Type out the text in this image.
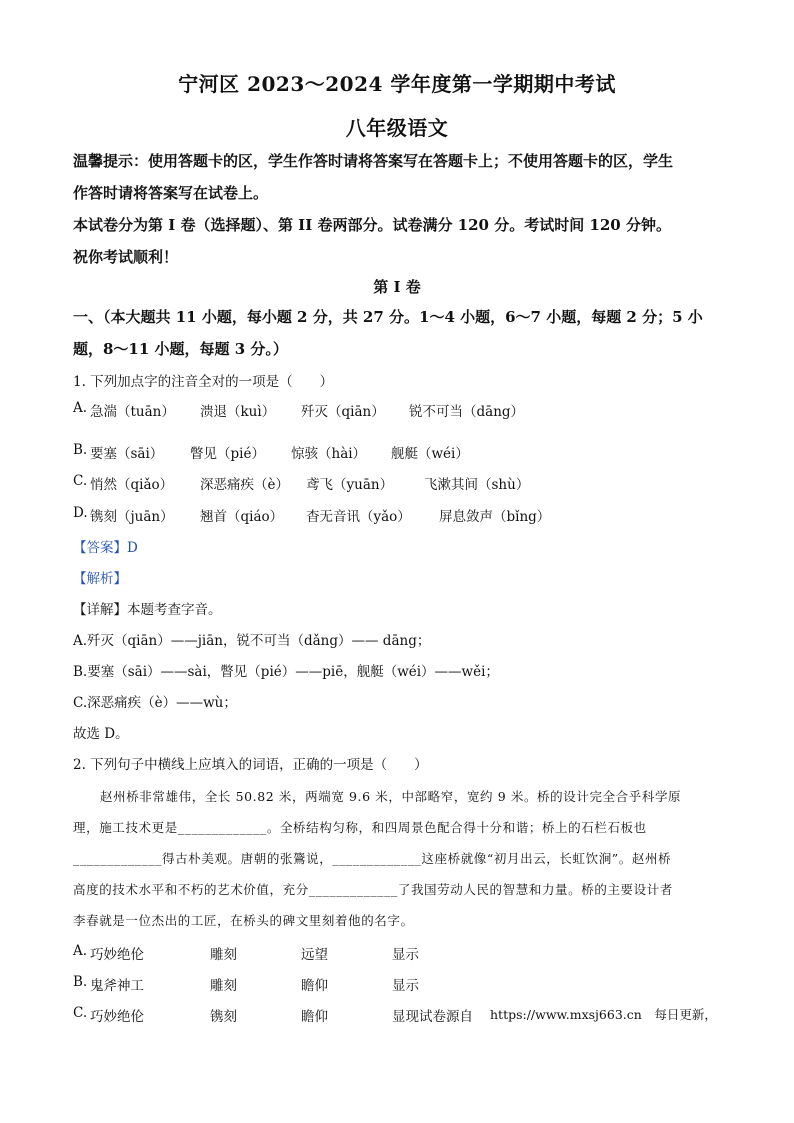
宁河区 2023～2024 学年度第一学期期中考试
八年级语文
温馨提示：使用答题卡的区，学生作答时请将答案写在答题卡上；不使用答题卡的区，学生
作答时请将答案写在试卷上。
本试卷分为第 I 卷（选择题）、第 II 卷两部分。试卷满分 120 分。考试时间 120 分钟。
祝你考试顺利！
第 I 卷
一、（本大题共 11 小题，每小题 2 分，共 27 分。1～4 小题，6～7 小题，每题 2 分；5 小
题，8～11 小题，每题 3 分。）
1. 下列加点字的注音全对的一项是（　　）
A. 急湍（tuān） 溃退（kuì） 歼灭（qiān） 锐不可当（dāng）
B. 要塞（sāi） 瞥见（pié） 惊骇（hài） 舰艇（wéi）
C. 悄然（qiǎo） 深恶痛疾（è） 鸢飞（yuān） 飞漱其间（shù）
D. 镌刻（juān） 翘首（qiáo） 杳无音讯（yǎo） 屏息敛声（bǐng）
【答案】D
【解析】
【详解】本题考查字音。
A.歼灭（qiān）——jiān，锐不可当（dǎng）—— dāng；
B.要塞（sāi）——sài，瞥见（pié）——piē，舰艇（wéi）——wěi；
C.深恶痛疾（è）——wù；
故选 D。
2. 下列句子中横线上应填入的词语，正确的一项是（　　）
赵州桥非常雄伟，全长 50.82 米，两端宽 9.6 米，中部略窄，宽约 9 米。桥的设计完全合乎科学原
理，施工技术更是_____________。全桥结构匀称，和四周景色配合得十分和谐；桥上的石栏石板也
_____________得古朴美观。唐朝的张鷟说，_____________这座桥就像“初月出云，长虹饮涧”。赵州桥
高度的技术水平和不朽的艺术价值，充分_____________了我国劳动人民的智慧和力量。桥的主要设计者
李春就是一位杰出的工匠，在桥头的碑文里刻着他的名字。
A. 巧妙绝伦	雕刻	远望	显示
B. 鬼斧神工	雕刻	瞻仰	显示
C. 巧妙绝伦	镌刻	瞻仰	显现试卷源自 https://www.mxsj663.cn　每日更新，
